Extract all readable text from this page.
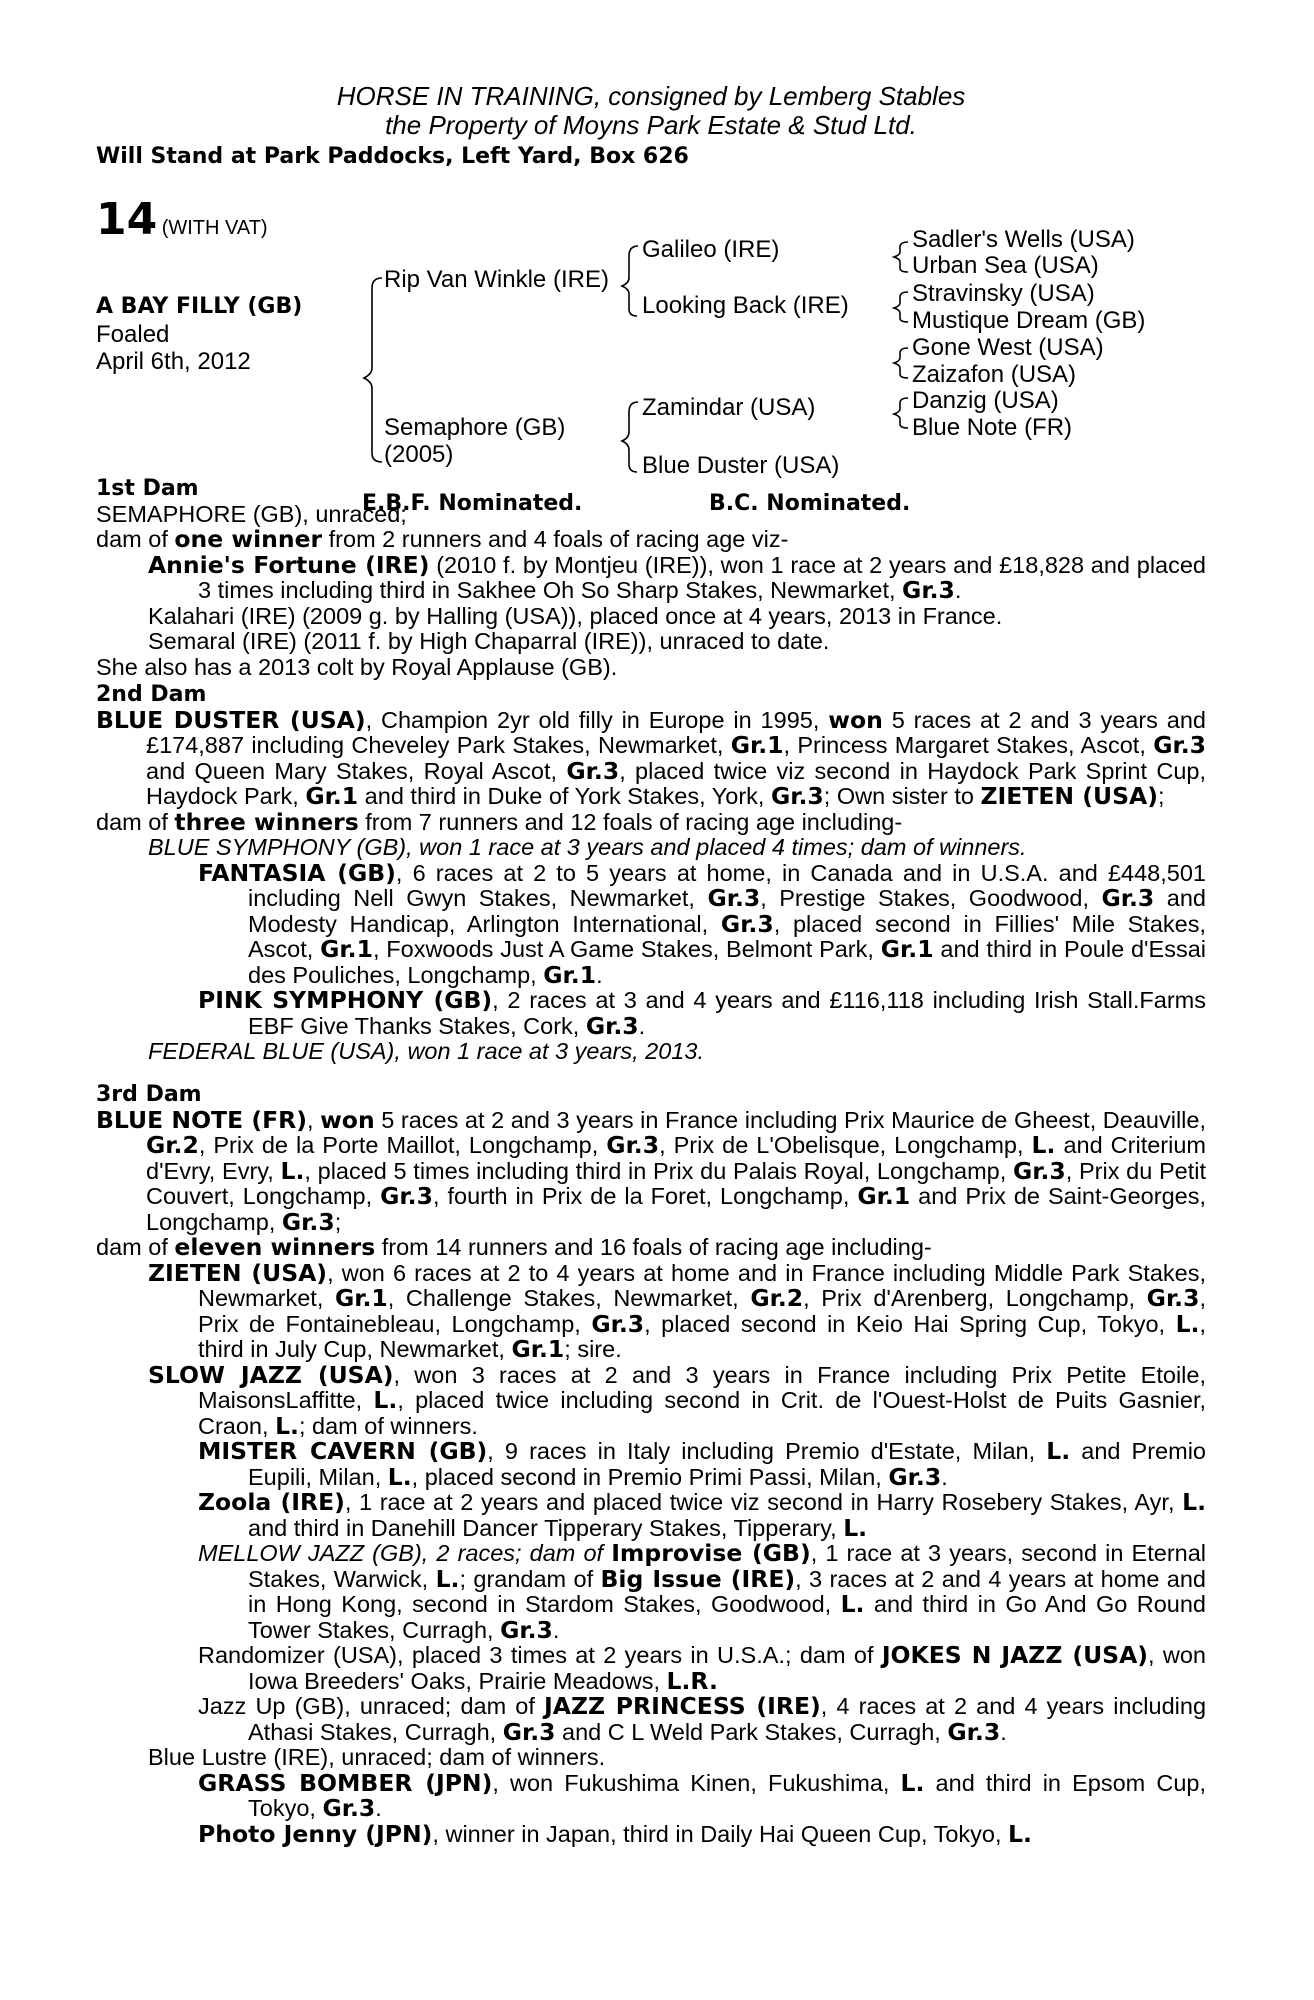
HORSE IN TRAINING, consigned by Lemberg Stables
the Property of Moyns Park Estate & Stud Ltd.
Will Stand at Park Paddocks, Left Yard, Box 626
14 (WITH VAT)
A BAY FILLY (GB)
Foaled
April 6th, 2012
Rip Van Winkle (IRE)
Semaphore (GB)
(2005)
Galileo (IRE)
Looking Back (IRE)
Zamindar (USA)
Blue Duster (USA)
Sadler's Wells (USA)
Urban Sea (USA)
Stravinsky (USA)
Mustique Dream (GB)
Gone West (USA)
Zaizafon (USA)
Danzig (USA)
Blue Note (FR)
E.B.F. Nominated.	B.C. Nominated.
1st Dam

SEMAPHORE (GB), unraced;

dam of one winner from 2 runners and 4 foals of racing age viz-

Annie's Fortune (IRE) (2010 f. by Montjeu (IRE)), won 1 race at 2 years and £18,828 and placed 3 times including third in Sakhee Oh So Sharp Stakes, Newmarket, Gr.3.

Kalahari (IRE) (2009 g. by Halling (USA)), placed once at 4 years, 2013 in France.

Semaral (IRE) (2011 f. by High Chaparral (IRE)), unraced to date.

She also has a 2013 colt by Royal Applause (GB).

2nd Dam

BLUE DUSTER (USA), Champion 2yr old filly in Europe in 1995, won 5 races at 2 and 3 years and £174,887 including Cheveley Park Stakes, Newmarket, Gr.1, Princess Margaret Stakes, Ascot, Gr.3 and Queen Mary Stakes, Royal Ascot, Gr.3, placed twice viz second in Haydock Park Sprint Cup, Haydock Park, Gr.1 and third in Duke of York Stakes, York, Gr.3; Own sister to ZIETEN (USA);

dam of three winners from 7 runners and 12 foals of racing age including-

BLUE SYMPHONY (GB), won 1 race at 3 years and placed 4 times; dam of winners.

FANTASIA (GB), 6 races at 2 to 5 years at home, in Canada and in U.S.A. and £448,501 including Nell Gwyn Stakes, Newmarket, Gr.3, Prestige Stakes, Goodwood, Gr.3 and Modesty Handicap, Arlington International, Gr.3, placed second in Fillies' Mile Stakes, Ascot, Gr.1, Foxwoods Just A Game Stakes, Belmont Park, Gr.1 and third in Poule d'Essai des Pouliches, Longchamp, Gr.1.

PINK SYMPHONY (GB), 2 races at 3 and 4 years and £116,118 including Irish Stall.Farms EBF Give Thanks Stakes, Cork, Gr.3.

FEDERAL BLUE (USA), won 1 race at 3 years, 2013.

3rd Dam

BLUE NOTE (FR), won 5 races at 2 and 3 years in France including Prix Maurice de Gheest, Deauville, Gr.2, Prix de la Porte Maillot, Longchamp, Gr.3, Prix de L'Obelisque, Longchamp, L. and Criterium d'Evry, Evry, L., placed 5 times including third in Prix du Palais Royal, Longchamp, Gr.3, Prix du Petit Couvert, Longchamp, Gr.3, fourth in Prix de la Foret, Longchamp, Gr.1 and Prix de Saint-Georges, Longchamp, Gr.3;

dam of eleven winners from 14 runners and 16 foals of racing age including-

ZIETEN (USA), won 6 races at 2 to 4 years at home and in France including Middle Park Stakes, Newmarket, Gr.1, Challenge Stakes, Newmarket, Gr.2, Prix d'Arenberg, Longchamp, Gr.3, Prix de Fontainebleau, Longchamp, Gr.3, placed second in Keio Hai Spring Cup, Tokyo, L., third in July Cup, Newmarket, Gr.1; sire.

SLOW JAZZ (USA), won 3 races at 2 and 3 years in France including Prix Petite Etoile, MaisonsLaffitte, L., placed twice including second in Crit. de l'Ouest-Holst de Puits Gasnier, Craon, L.; dam of winners.

MISTER CAVERN (GB), 9 races in Italy including Premio d'Estate, Milan, L. and Premio Eupili, Milan, L., placed second in Premio Primi Passi, Milan, Gr.3.

Zoola (IRE), 1 race at 2 years and placed twice viz second in Harry Rosebery Stakes, Ayr, L. and third in Danehill Dancer Tipperary Stakes, Tipperary, L.

MELLOW JAZZ (GB), 2 races; dam of Improvise (GB), 1 race at 3 years, second in Eternal Stakes, Warwick, L.; grandam of Big Issue (IRE), 3 races at 2 and 4 years at home and in Hong Kong, second in Stardom Stakes, Goodwood, L. and third in Go And Go Round Tower Stakes, Curragh, Gr.3.

Randomizer (USA), placed 3 times at 2 years in U.S.A.; dam of JOKES N JAZZ (USA), won Iowa Breeders' Oaks, Prairie Meadows, L.R.

Jazz Up (GB), unraced; dam of JAZZ PRINCESS (IRE), 4 races at 2 and 4 years including Athasi Stakes, Curragh, Gr.3 and C L Weld Park Stakes, Curragh, Gr.3.

Blue Lustre (IRE), unraced; dam of winners.

GRASS BOMBER (JPN), won Fukushima Kinen, Fukushima, L. and third in Epsom Cup, Tokyo, Gr.3.

Photo Jenny (JPN), winner in Japan, third in Daily Hai Queen Cup, Tokyo, L.
